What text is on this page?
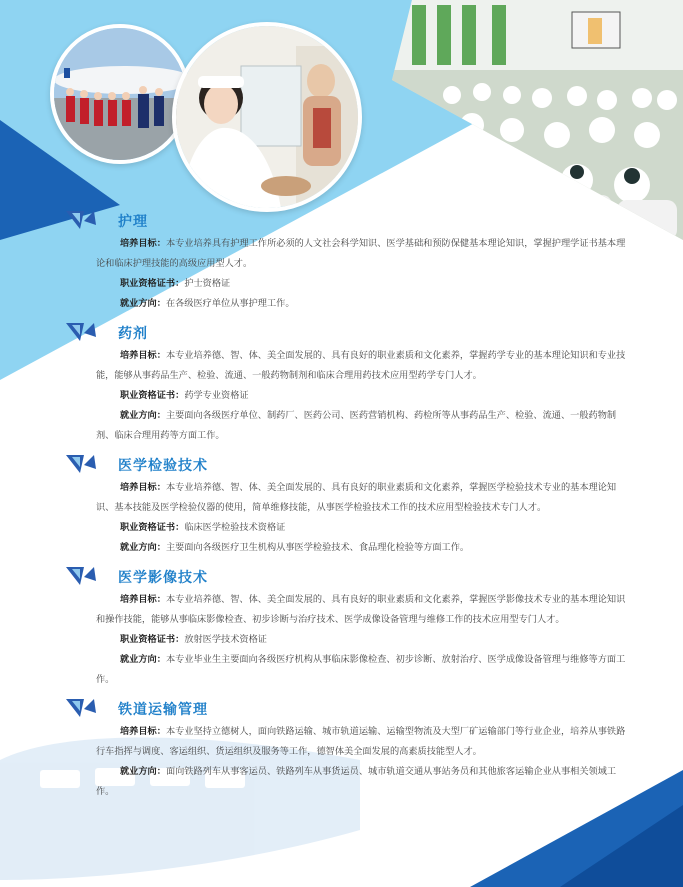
护理
培养目标：本专业培养具有护理工作所必须的人文社会科学知识、医学基础和预防保健基本理论知识，掌握护理学证书基本理论和临床护理技能的高级应用型人才。
职业资格证书：护士资格证
就业方向：在各级医疗单位从事护理工作。
药剂
培养目标：本专业培养德、智、体、美全面发展的、具有良好的职业素质和文化素养，掌握药学专业的基本理论知识和专业技能，能够从事药品生产、检验、流通、一般药物制剂和临床合理用药技术应用型药学专门人才。
职业资格证书：药学专业资格证
就业方向：主要面向各级医疗单位、制药厂、医药公司、医药营销机构、药检所等从事药品生产、检验、流通、一般药物制剂、临床合理用药等方面工作。
医学检验技术
培养目标：本专业培养德、智、体、美全面发展的、具有良好的职业素质和文化素养，掌握医学检验技术专业的基本理论知识、基本技能及医学检验仪器的使用，简单维修技能，从事医学检验技术工作的技术应用型检验技术专门人才。
职业资格证书：临床医学检验技术资格证
就业方向：主要面向各级医疗卫生机构从事医学检验技术、食品理化检验等方面工作。
医学影像技术
培养目标：本专业培养德、智、体、美全面发展的、具有良好的职业素质和文化素养，掌握医学影像技术专业的基本理论知识和操作技能，能够从事临床影像检查、初步诊断与治疗技术、医学成像设备管理与维修工作的技术应用型专门人才。
职业资格证书：放射医学技术资格证
就业方向：本专业毕业生主要面向各级医疗机构从事临床影像检查、初步诊断、放射治疗、医学成像设备管理与维修等方面工作。
铁道运输管理
培养目标：本专业坚持立德树人，面向铁路运输、城市轨道运输、运输型物流及大型厂矿运输部门等行业企业，培养从事铁路行车指挥与调度、客运组织、货运组织及服务等工作，德智体美全面发展的高素质技能型人才。
就业方向：面向铁路列车从事客运员、铁路列车从事货运员、城市轨道交通从事站务员和其他旅客运输企业从事相关领域工作。
